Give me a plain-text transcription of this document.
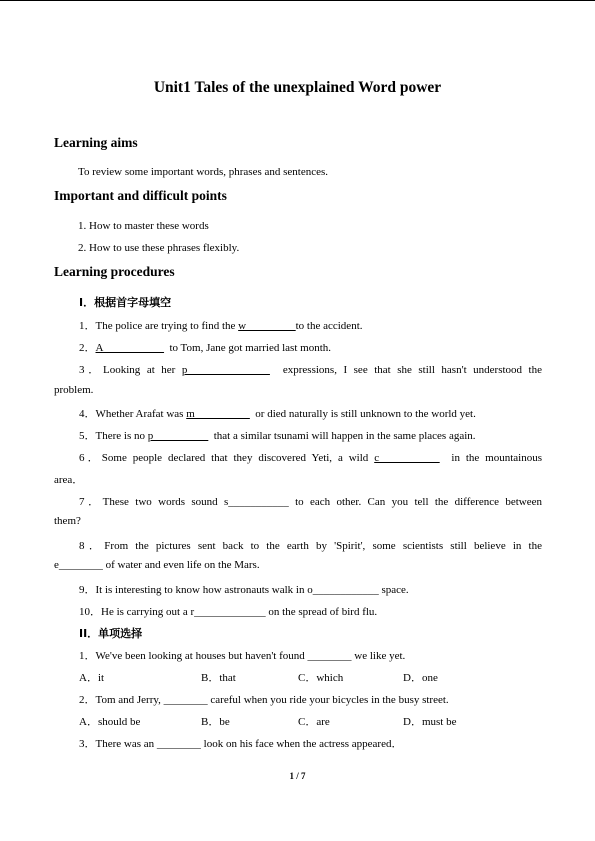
Unit1 Tales of the unexplained Word power
Learning aims
To review some important words, phrases and sentences.
Important and difficult points
1. How to master these words
2. How to use these phrases flexibly.
Learning procedures
I．根据首字母填空
1．The police are trying to find the w_________to the accident.
2．A___________  to Tom, Jane got married last month.
3．Looking at her p_______________  expressions, I see that she still hasn't understood the
problem.
4．Whether Arafat was m__________  or died naturally is still unknown to the world yet.
5．There is no p__________  that a similar tsunami will happen in the same places again.
6．Some people declared that they discovered Yeti, a wild c___________  in the mountainous
area．
7．These two words sound s___________ to each other. Can you tell the difference between
them?
8．From the pictures sent back to the earth by 'Spirit', some scientists still believe in the
e________ of water and even life on the Mars.
9．It is interesting to know how astronauts walk in o____________ space.
10．He is carrying out a r_____________ on the spread of bird flu.
II．单项选择
1．We've been looking at houses but haven't found ________ we like yet.
A．it	B．that	C．which	D．one
2．Tom and Jerry, ________ careful when you ride your bicycles in the busy street.
A．should be	B．be	C．are	D．must be
3．There was an ________ look on his face when the actress appeared．
1 / 7
